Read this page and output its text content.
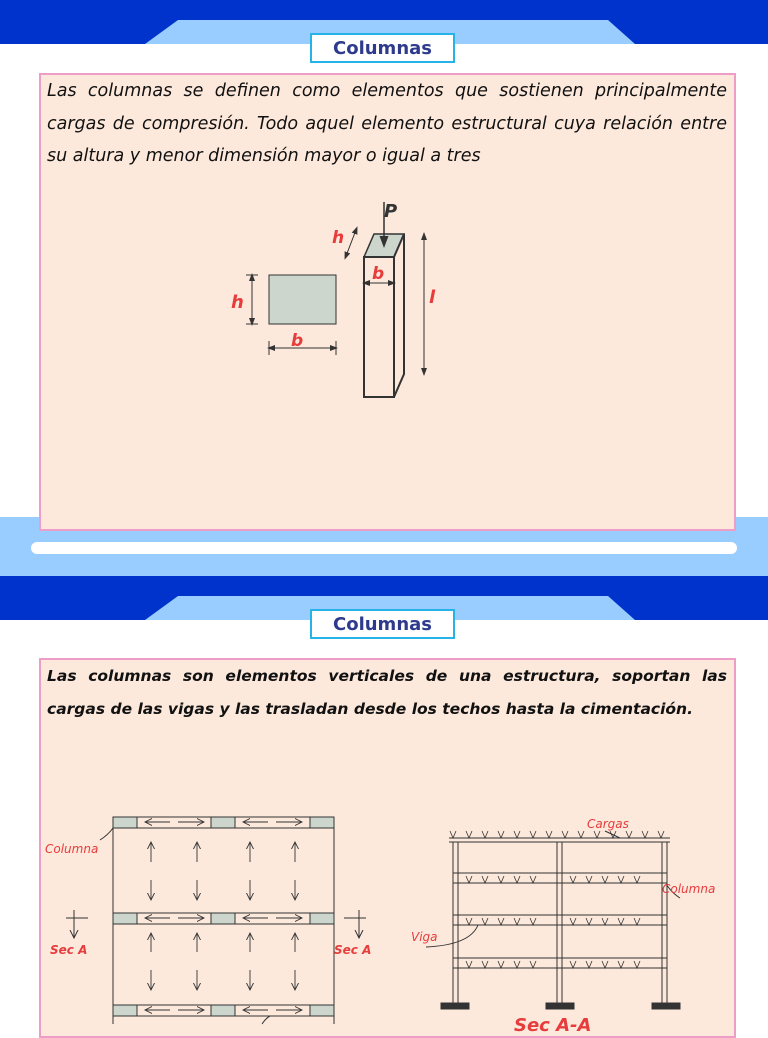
Columnas
Las columnas se definen como elementos que sostienen principalmente cargas de compresión. Todo aquel elemento estructural cuya relación entre su altura y menor dimensión mayor o igual a tres
h
b
P
h
b
l
Columnas
Las columnas son elementos verticales de una estructura, soportan las cargas de las vigas y las trasladan desde los techos hasta la cimentación.
Columna
Sec A	Sec A
Cargas
Columna
Viga
Sec A-A
